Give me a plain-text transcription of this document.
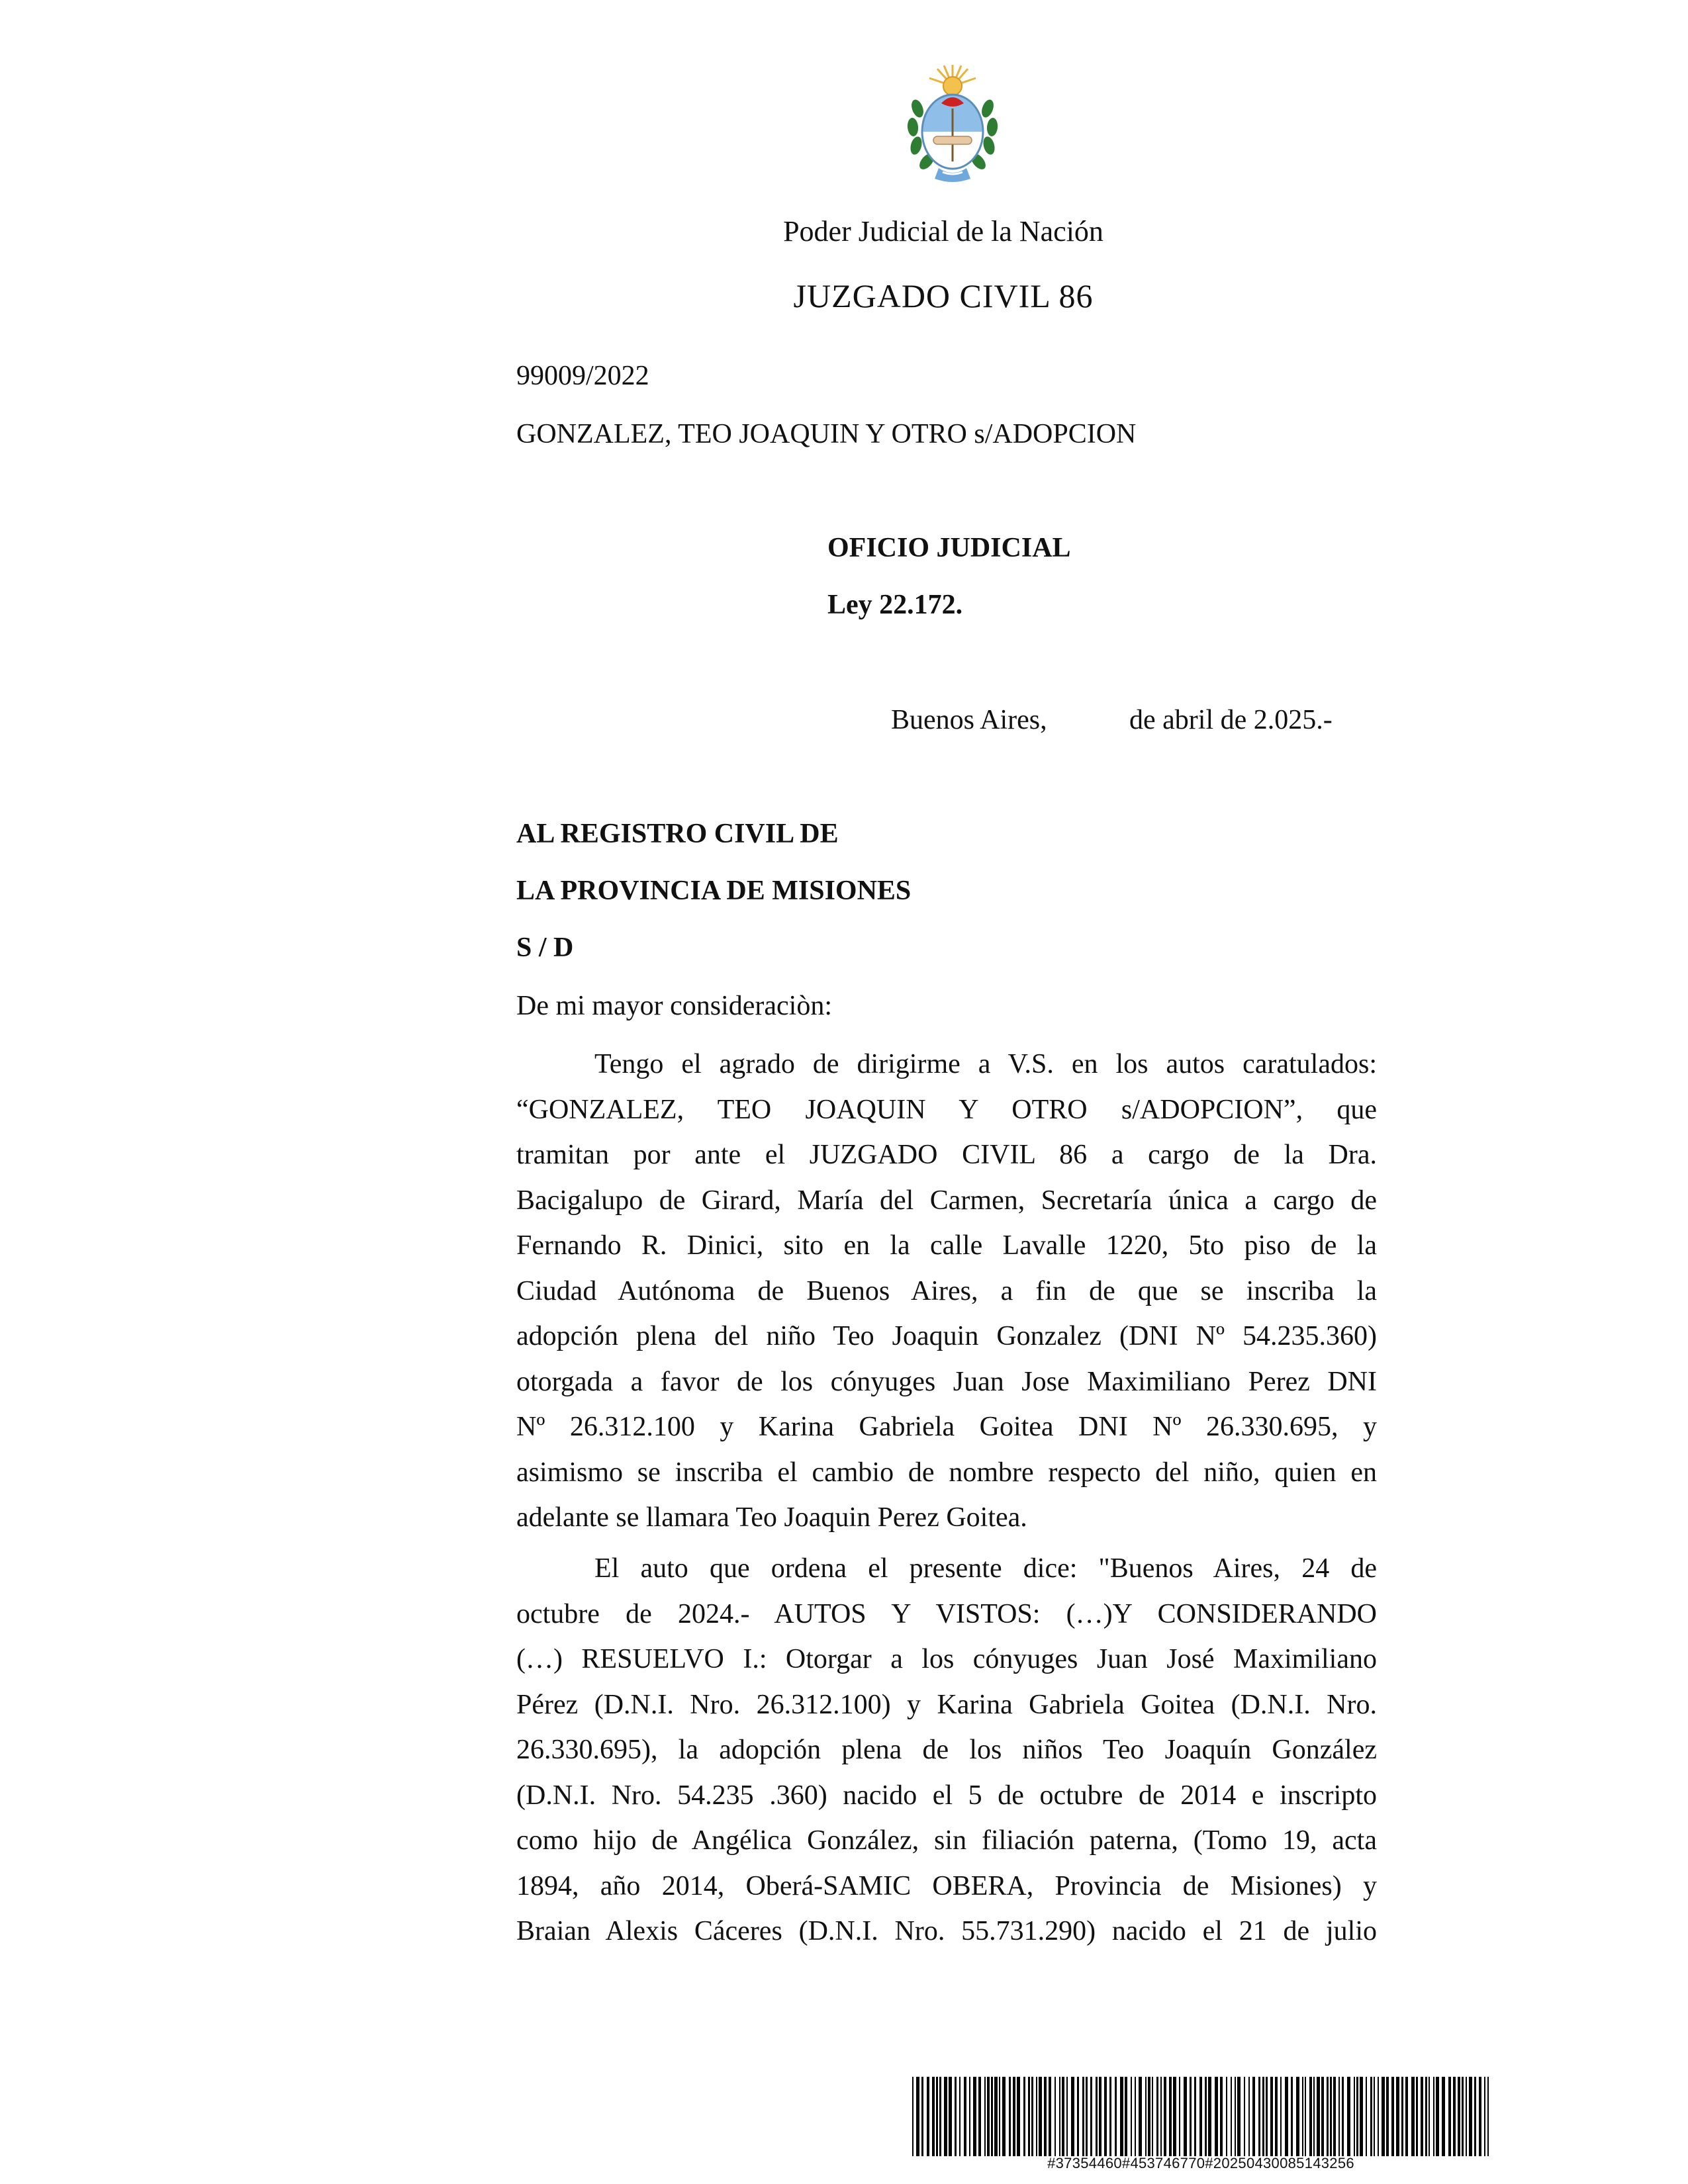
Poder Judicial de la Nación
JUZGADO CIVIL 86
99009/2022
GONZALEZ, TEO JOAQUIN Y OTRO s/ADOPCION
OFICIO JUDICIAL
Ley 22.172.
Buenos Aires,	de abril de 2.025.-
AL REGISTRO CIVIL DE
LA PROVINCIA DE MISIONES
S / D
De mi mayor consideraciòn:
Tengo el agrado de dirigirme a V.S. en los autos caratulados:
“GONZALEZ, TEO JOAQUIN Y OTRO s/ADOPCION”, que
tramitan por ante el JUZGADO CIVIL 86 a cargo de la Dra.
Bacigalupo de Girard, María del Carmen, Secretaría única a cargo de
Fernando R. Dinici, sito en la calle Lavalle 1220, 5to piso de la
Ciudad Autónoma de Buenos Aires, a fin de que se inscriba la
adopción plena del niño Teo Joaquin Gonzalez (DNI Nº 54.235.360)
otorgada a favor de los cónyuges Juan Jose Maximiliano Perez DNI
Nº 26.312.100 y Karina Gabriela Goitea DNI Nº 26.330.695, y
asimismo se inscriba el cambio de nombre respecto del niño, quien en
adelante se llamara Teo Joaquin Perez Goitea.
El auto que ordena el presente dice: "Buenos Aires, 24 de
octubre de 2024.- AUTOS Y VISTOS: (…)Y CONSIDERANDO
(…) RESUELVO I.: Otorgar a los cónyuges Juan José Maximiliano
Pérez (D.N.I. Nro. 26.312.100) y Karina Gabriela Goitea (D.N.I. Nro.
26.330.695), la adopción plena de los niños Teo Joaquín González
(D.N.I. Nro. 54.235 .360) nacido el 5 de octubre de 2014 e inscripto
como hijo de Angélica González, sin filiación paterna, (Tomo 19, acta
1894, año 2014, Oberá-SAMIC OBERA, Provincia de Misiones) y
Braian Alexis Cáceres (D.N.I. Nro. 55.731.290) nacido el 21 de julio
#37354460#453746770#20250430085143256
